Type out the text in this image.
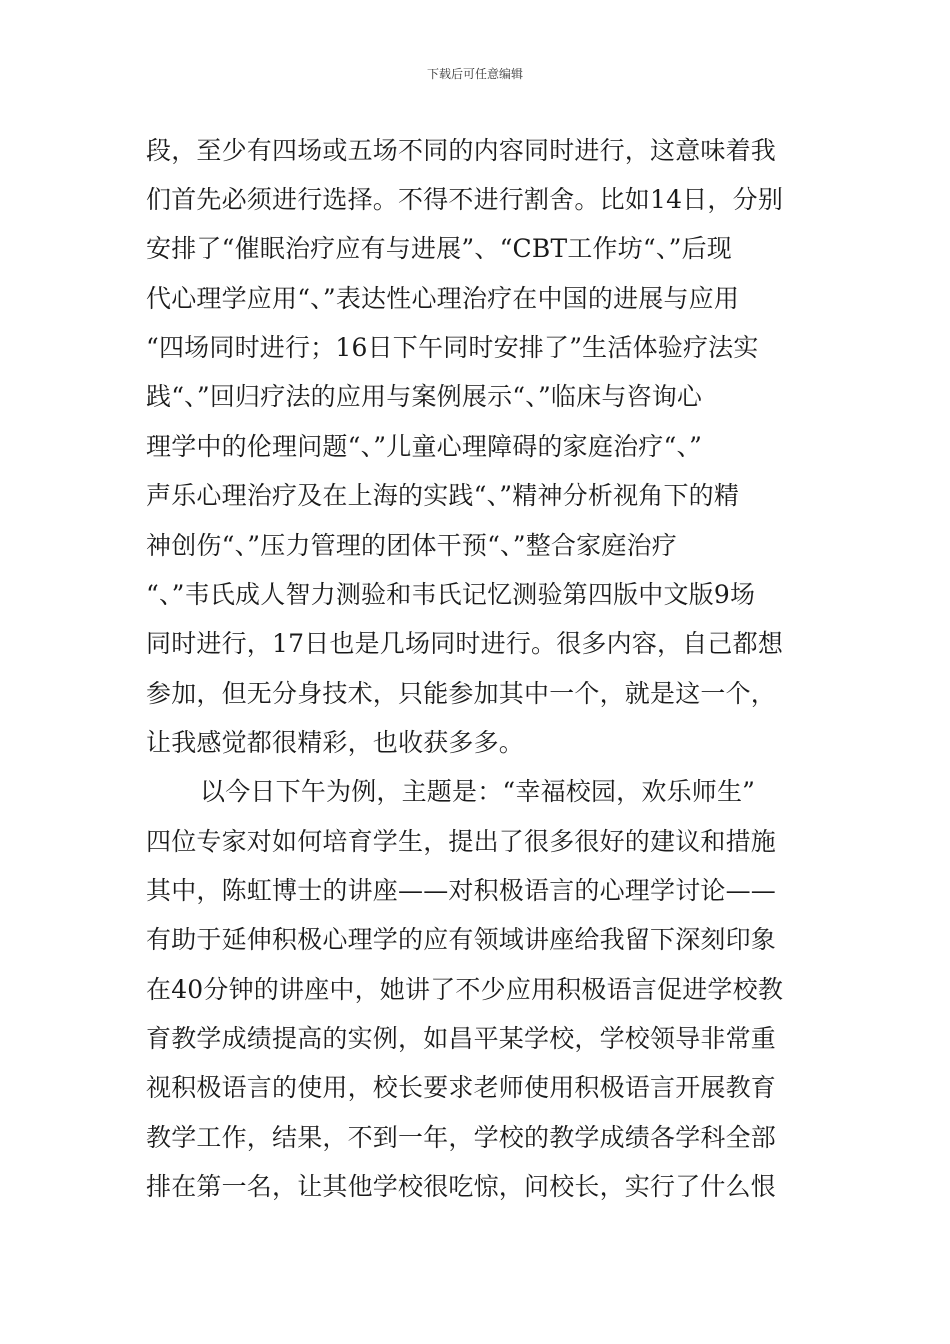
下载后可任意编辑
段，至少有四场或五场不同的内容同时进行，这意味着我
们首先必须进行选择。不得不进行割舍。比如14日，分别
安排了“催眠治疗应有与进展”、“CBT工作坊“、”后现
代心理学应用“、”表达性心理治疗在中国的进展与应用
“四场同时进行；16日下午同时安排了”生活体验疗法实
践“、”回归疗法的应用与案例展示“、”临床与咨询心
理学中的伦理问题“、”儿童心理障碍的家庭治疗“、”
声乐心理治疗及在上海的实践“、”精神分析视角下的精
神创伤“、”压力管理的团体干预“、”整合家庭治疗
“、”韦氏成人智力测验和韦氏记忆测验第四版中文版9场
同时进行，17日也是几场同时进行。很多内容，自己都想
参加，但无分身技术，只能参加其中一个，就是这一个，
让我感觉都很精彩，也收获多多。
以今日下午为例，主题是：“幸福校园，欢乐师生”
四位专家对如何培育学生，提出了很多很好的建议和措施
其中，陈虹博士的讲座——对积极语言的心理学讨论——
有助于延伸积极心理学的应有领域讲座给我留下深刻印象
在40分钟的讲座中，她讲了不少应用积极语言促进学校教
育教学成绩提高的实例，如昌平某学校，学校领导非常重
视积极语言的使用，校长要求老师使用积极语言开展教育
教学工作，结果，不到一年，学校的教学成绩各学科全部
排在第一名，让其他学校很吃惊，问校长，实行了什么恨
